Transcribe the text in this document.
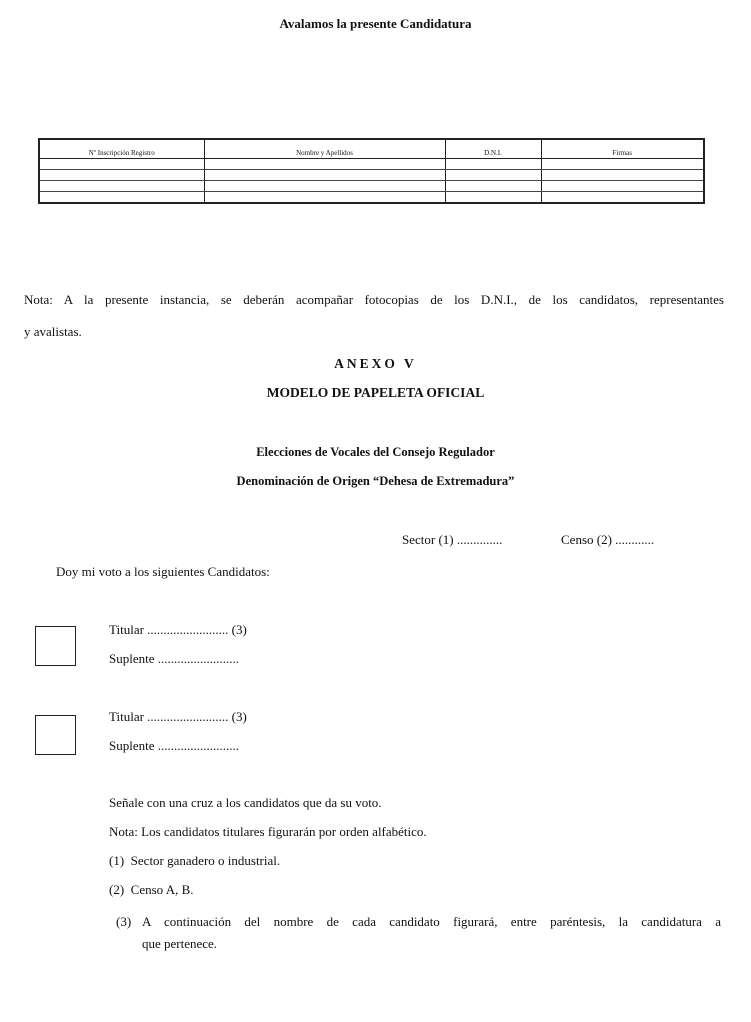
Avalamos la presente Candidatura
Nº Inscripción Registro	Nombre y Apellidos	D.N.I.	Firmas

Nota: A la presente instancia, se deberán acompañar fotocopias de los D.N.I., de los candidatos, representantes
y avalistas.
ANEXO V
MODELO DE PAPELETA OFICIAL
Elecciones de Vocales del Consejo Regulador
Denominación de Origen “Dehesa de Extremadura”
Sector (1) ..............	Censo (2) ............
Doy mi voto a los siguientes Candidatos:
Titular ......................... (3)
Suplente .........................
Titular ......................... (3)
Suplente .........................
Señale con una cruz a los candidatos que da su voto.
Nota: Los candidatos titulares figurarán por orden alfabético.
(1) Sector ganadero o industrial.
(2) Censo A, B.
(3) A continuación del nombre de cada candidato figurará, entre paréntesis, la candidatura a
que pertenece.
